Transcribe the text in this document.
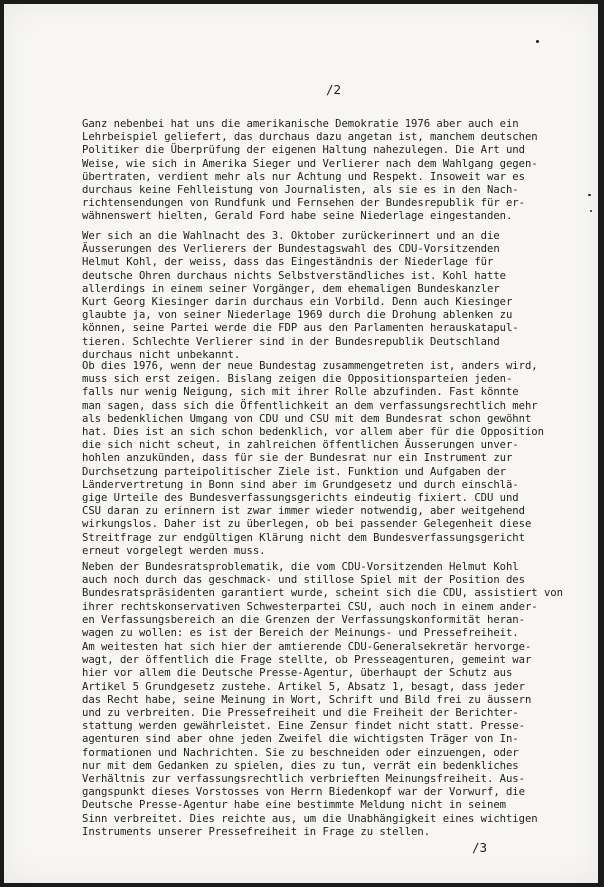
/2
Ganz nebenbei hat uns die amerikanische Demokratie 1976 aber auch ein
Lehrbeispiel geliefert, das durchaus dazu angetan ist, manchem deutschen
Politiker die Überprüfung der eigenen Haltung nahezulegen. Die Art und
Weise, wie sich in Amerika Sieger und Verlierer nach dem Wahlgang gegen-
übertraten, verdient mehr als nur Achtung und Respekt. Insoweit war es
durchaus keine Fehlleistung von Journalisten, als sie es in den Nach-
richtensendungen von Rundfunk und Fernsehen der Bundesrepublik für er-
wähnenswert hielten, Gerald Ford habe seine Niederlage eingestanden.
Wer sich an die Wahlnacht des 3. Oktober zurückerinnert und an die
Äusserungen des Verlierers der Bundestagswahl des CDU-Vorsitzenden
Helmut Kohl, der weiss, dass das Eingeständnis der Niederlage für
deutsche Ohren durchaus nichts Selbstverständliches ist. Kohl hatte
allerdings in einem seiner Vorgänger, dem ehemaligen Bundeskanzler
Kurt Georg Kiesinger darin durchaus ein Vorbild. Denn auch Kiesinger
glaubte ja, von seiner Niederlage 1969 durch die Drohung ablenken zu
können, seine Partei werde die FDP aus den Parlamenten herauskatapul-
tieren. Schlechte Verlierer sind in der Bundesrepublik Deutschland
durchaus nicht unbekannt.
Ob dies 1976, wenn der neue Bundestag zusammengetreten ist, anders wird,
muss sich erst zeigen. Bislang zeigen die Oppositionsparteien jeden-
falls nur wenig Neigung, sich mit ihrer Rolle abzufinden. Fast könnte
man sagen, dass sich die Öffentlichkeit an dem verfassungsrechtlich mehr
als bedenklichen Umgang von CDU und CSU mit dem Bundesrat schon gewöhnt
hat. Dies ist an sich schon bedenklich, vor allem aber für die Opposition
die sich nicht scheut, in zahlreichen öffentlichen Äusserungen unver-
hohlen anzukünden, dass für sie der Bundesrat nur ein Instrument zur
Durchsetzung parteipolitischer Ziele ist. Funktion und Aufgaben der
Ländervertretung in Bonn sind aber im Grundgesetz und durch einschlä-
gige Urteile des Bundesverfassungsgerichts eindeutig fixiert. CDU und
CSU daran zu erinnern ist zwar immer wieder notwendig, aber weitgehend
wirkungslos. Daher ist zu überlegen, ob bei passender Gelegenheit diese
Streitfrage zur endgültigen Klärung nicht dem Bundesverfassungsgericht
erneut vorgelegt werden muss.
Neben der Bundesratsproblematik, die vom CDU-Vorsitzenden Helmut Kohl
auch noch durch das geschmack- und stillose Spiel mit der Position des
Bundesratspräsidenten garantiert wurde, scheint sich die CDU, assistiert von
ihrer rechtskonservativen Schwesterpartei CSU, auch noch in einem ander-
en Verfassungsbereich an die Grenzen der Verfassungskonformität heran-
wagen zu wollen: es ist der Bereich der Meinungs- und Pressefreiheit.
Am weitesten hat sich hier der amtierende CDU-Generalsekretär hervorge-
wagt, der öffentlich die Frage stellte, ob Presseagenturen, gemeint war
hier vor allem die Deutsche Presse-Agentur, überhaupt der Schutz aus
Artikel 5 Grundgesetz zustehe. Artikel 5, Absatz 1, besagt, dass jeder
das Recht habe, seine Meinung in Wort, Schrift und Bild frei zu äussern
und zu verbreiten. Die Pressefreiheit und die Freiheit der Berichter-
stattung werden gewährleistet. Eine Zensur findet nicht statt. Presse-
agenturen sind aber ohne jeden Zweifel die wichtigsten Träger von In-
formationen und Nachrichten. Sie zu beschneiden oder einzuengen, oder
nur mit dem Gedanken zu spielen, dies zu tun, verrät ein bedenkliches
Verhältnis zur verfassungsrechtlich verbrieften Meinungsfreiheit. Aus-
gangspunkt dieses Vorstosses von Herrn Biedenkopf war der Vorwurf, die
Deutsche Presse-Agentur habe eine bestimmte Meldung nicht in seinem
Sinn verbreitet. Dies reichte aus, um die Unabhängigkeit eines wichtigen
Instruments unserer Pressefreiheit in Frage zu stellen.
/3
